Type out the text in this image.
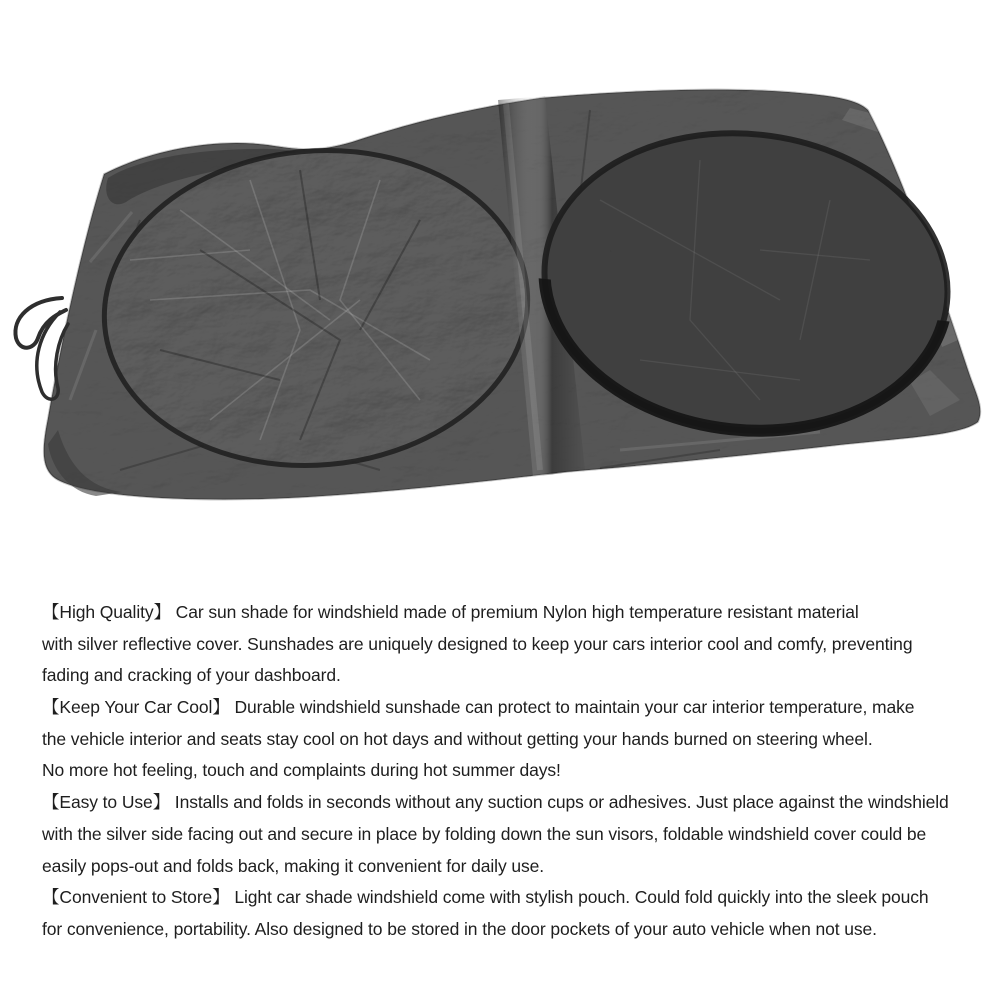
【High Quality】 Car sun shade for windshield made of premium Nylon high temperature resistant material
with silver reflective cover. Sunshades are uniquely designed to keep your cars interior cool and comfy, preventing
fading and cracking of your dashboard.
【Keep Your Car Cool】 Durable windshield sunshade can protect to maintain your car interior temperature, make
the vehicle interior and seats stay cool on hot days and without getting your hands burned on steering wheel.
No more hot feeling, touch and complaints during hot summer days!
【Easy to Use】 Installs and folds in seconds without any suction cups or adhesives. Just place against the windshield
with the silver side facing out and secure in place by folding down the sun visors, foldable windshield cover could be
easily pops-out and folds back, making it convenient for daily use.
【Convenient to Store】 Light car shade windshield come with stylish pouch. Could fold quickly into the sleek pouch
for convenience, portability. Also designed to be stored in the door pockets of your auto vehicle when not use.
